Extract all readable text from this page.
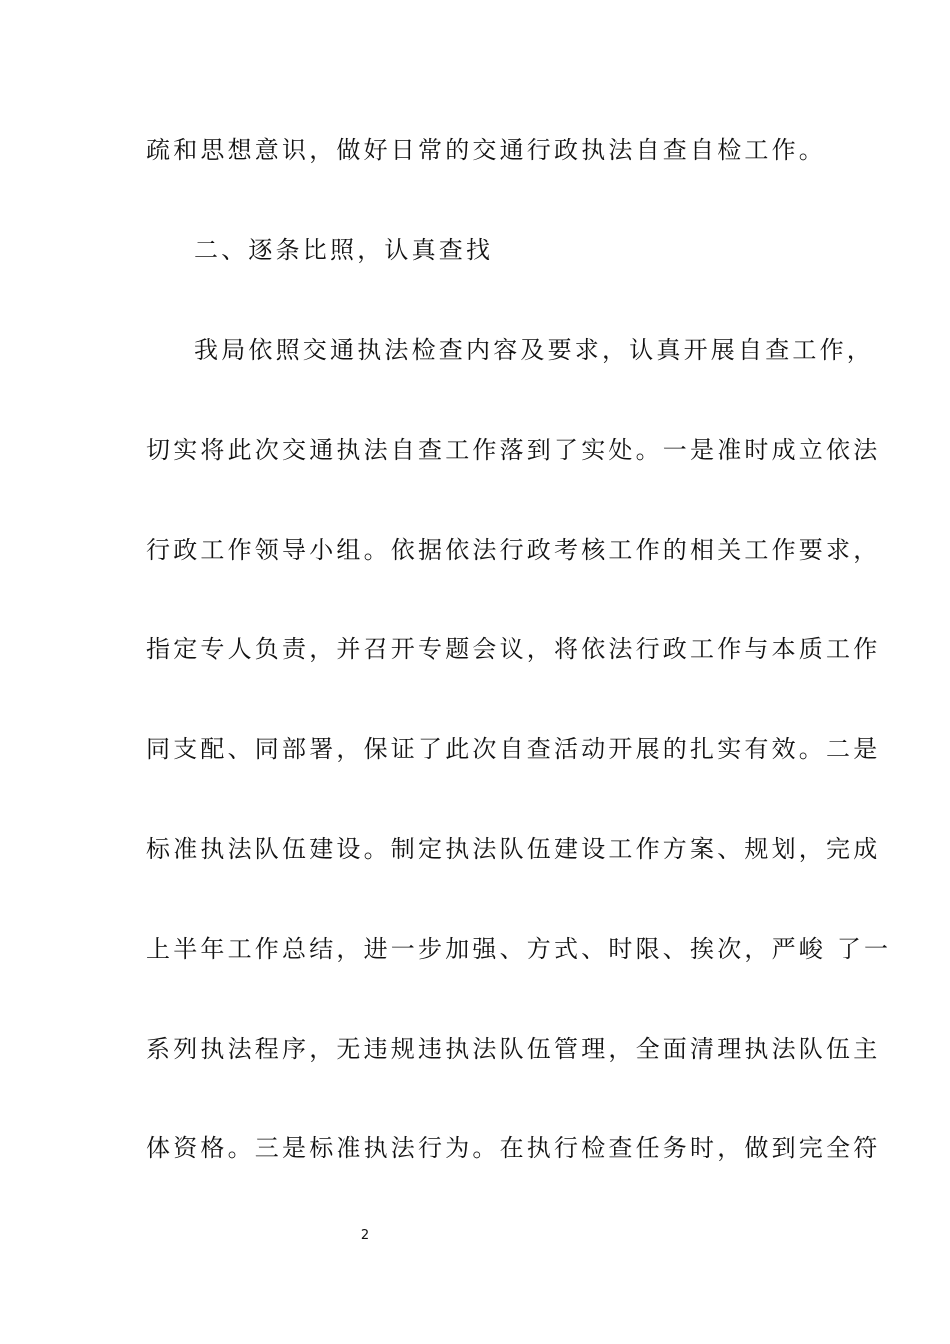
疏和思想意识，做好日常的交通行政执法自查自检工作。
二、逐条比照，认真查找
我局依照交通执法检查内容及要求，认真开展自查工作，
切实将此次交通执法自查工作落到了实处。一是准时成立依法
行政工作领导小组。依据依法行政考核工作的相关工作要求，
指定专人负责，并召开专题会议，将依法行政工作与本质工作
同支配、同部署，保证了此次自查活动开展的扎实有效。二是
标准执法队伍建设。制定执法队伍建设工作方案、规划，完成
上半年工作总结，进一步加强、方式、时限、挨次，严峻 了一
系列执法程序，无违规违执法队伍管理，全面清理执法队伍主
体资格。三是标准执法行为。在执行检查任务时，做到完全符
2
